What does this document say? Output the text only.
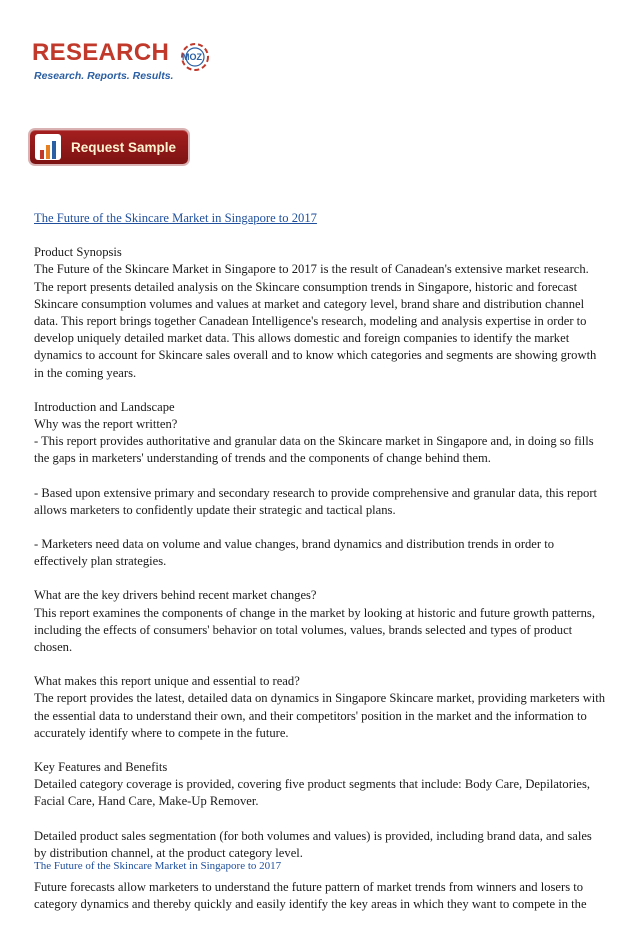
RESEARCH MOZ
Research. Reports. Results.
Request Sample
The Future of the Skincare Market in Singapore to 2017

Product Synopsis

The Future of the Skincare Market in Singapore to 2017 is the result of Canadean's extensive market research. The report presents detailed analysis on the Skincare consumption trends in Singapore, historic and forecast Skincare consumption volumes and values at market and category level, brand share and distribution channel data. This report brings together Canadean Intelligence's research, modeling and analysis expertise in order to develop uniquely detailed market data. This allows domestic and foreign companies to identify the market dynamics to account for Skincare sales overall and to know which categories and segments are showing growth in the coming years.

Introduction and Landscape

Why was the report written?

- This report provides authoritative and granular data on the Skincare market in Singapore and, in doing so fills the gaps in marketers' understanding of trends and the components of change behind them.

- Based upon extensive primary and secondary research to provide comprehensive and granular data, this report allows marketers to confidently update their strategic and tactical plans.

- Marketers need data on volume and value changes, brand dynamics and distribution trends in order to effectively plan strategies.

What are the key drivers behind recent market changes?

This report examines the components of change in the market by looking at historic and future growth patterns, including the effects of consumers' behavior on total volumes, values, brands selected and types of product chosen.

What makes this report unique and essential to read?

The report provides the latest, detailed data on dynamics in Singapore Skincare market, providing marketers with the essential data to understand their own, and their competitors' position in the market and the information to accurately identify where to compete in the future.

Key Features and Benefits

Detailed category coverage is provided, covering five product segments that include: Body Care, Depilatories, Facial Care, Hand Care, Make-Up Remover.

Detailed product sales segmentation (for both volumes and values) is provided, including brand data, and sales by distribution channel, at the product category level.

Future forecasts allow marketers to understand the future pattern of market trends from winners and losers to category dynamics and thereby quickly and easily identify the key areas in which they want to compete in the

The Future of the Skincare Market in Singapore to 2017
